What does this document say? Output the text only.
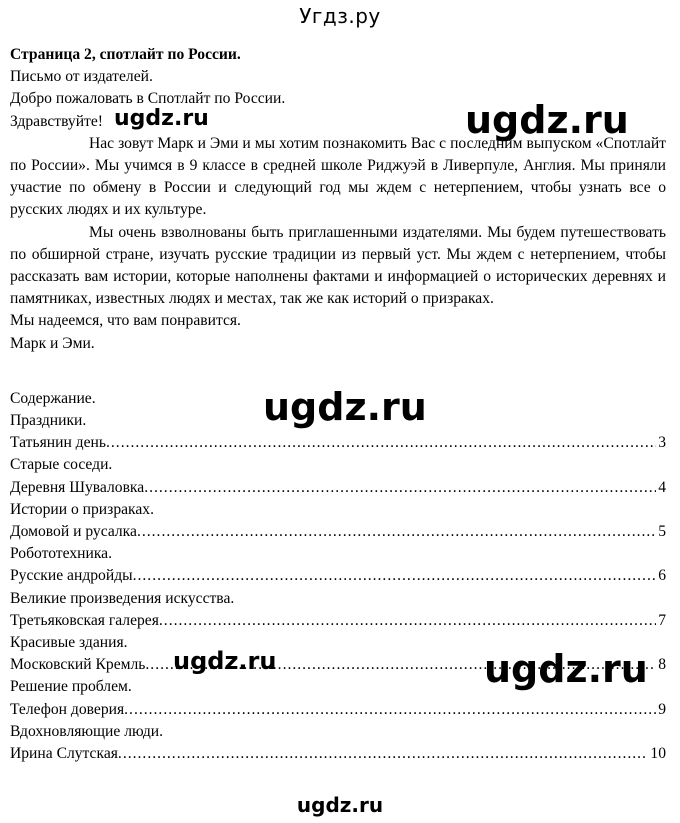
Угдз.ру

Страница 2, спотлайт по России.

Письмо от издателей.

Добро пожаловать в Спотлайт по России.

Здравствуйте!

Нас зовут Марк и Эми и мы хотим познакомить Вас с последним выпуском «Спотлайт по России». Мы учимся в 9 классе в средней школе Риджуэй в Ливерпуле, Англия. Мы приняли участие по обмену в России и следующий год мы ждем с нетерпением, чтобы узнать все о русских людях и их культуре.

Мы очень взволнованы быть приглашенными издателями. Мы будем путешествовать по обширной стране, изучать русские традиции из первый уст. Мы ждем с нетерпением, чтобы рассказать вам истории, которые наполнены фактами и информацией о исторических деревнях и памятниках, известных людях и местах, так же как историй о призраках.

Мы надеемся, что вам понравится.

Марк и Эми.

Содержание.

Праздники.

Татьянин день .....	3

Старые соседи.

Деревня Шуваловка .....	4

Истории о призраках.

Домовой и русалка .....	5

Робототехника.

Русские андройды .....	6

Великие произведения искусства.

Третьяковская галерея .....	7

Красивые здания.

Московский Кремль .....	8

Решение проблем.

Телефон доверия .....	9

Вдохновляющие люди.

Ирина Слутская .....	10
ugdz.ru
ugdz.ru
ugdz.ru
ugdz.ru	ugdz.ru
ugdz.ru
